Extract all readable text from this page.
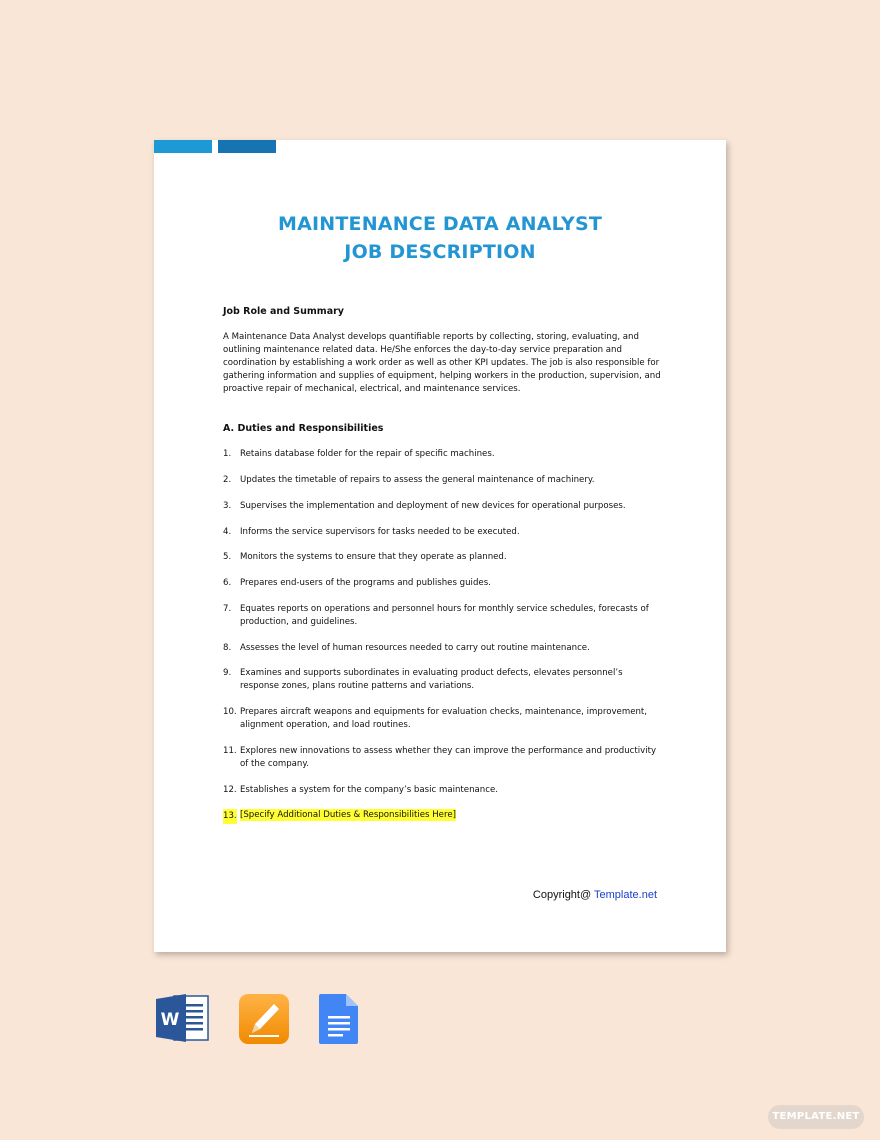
MAINTENANCE DATA ANALYST
JOB DESCRIPTION
Job Role and Summary
A Maintenance Data Analyst develops quantifiable reports by collecting, storing, evaluating, and outlining maintenance related data. He/She enforces the day-to-day service preparation and coordination by establishing a work order as well as other KPI updates. The job is also responsible for gathering information and supplies of equipment, helping workers in the production, supervision, and proactive repair of mechanical, electrical, and maintenance services.
A. Duties and Responsibilities
1. Retains database folder for the repair of specific machines.
2. Updates the timetable of repairs to assess the general maintenance of machinery.
3. Supervises the implementation and deployment of new devices for operational purposes.
4. Informs the service supervisors for tasks needed to be executed.
5. Monitors the systems to ensure that they operate as planned.
6. Prepares end-users of the programs and publishes guides.
7. Equates reports on operations and personnel hours for monthly service schedules, forecasts of production, and guidelines.
8. Assesses the level of human resources needed to carry out routine maintenance.
9. Examines and supports subordinates in evaluating product defects, elevates personnel’s response zones, plans routine patterns and variations.
10. Prepares aircraft weapons and equipments for evaluation checks, maintenance, improvement, alignment operation, and load routines.
11. Explores new innovations to assess whether they can improve the performance and productivity of the company.
12. Establishes a system for the company’s basic maintenance.
13. [Specify Additional Duties & Responsibilities Here]
Copyright@ Template.net
W
TEMPLATE.NET
